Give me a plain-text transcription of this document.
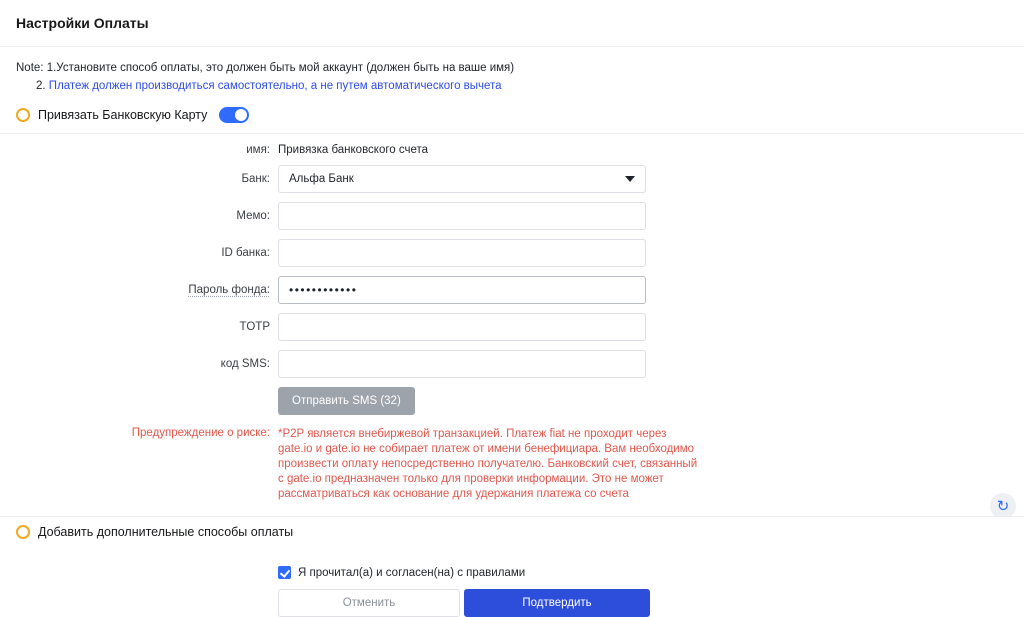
Настройки Оплаты
Note: 1.Установите способ оплаты, это должен быть мой аккаунт (должен быть на ваше имя)
2. Платеж должен производиться самостоятельно, а не путем автоматического вычета
Привязать Банковскую Карту
имя: Привязка банковского счета
Банк:	Альфа Банк
Мемо:
ID банка:
Пароль фонда:	••••••••••••
TOTP
код SMS:
Отправить SMS (32)
Предупреждение о риске: *P2P является внебиржевой транзакцией. Платеж fiat не проходит через gate.io и gate.io не собирает платеж от имени бенефициара. Вам необходимо произвести оплату непосредственно получателю. Банковский счет, связанный с gate.io предназначен только для проверки информации. Это не может рассматриваться как основание для удержания платежа со счета

Я прочитал(а) и согласен(на) с правилами
Отменить	Подтвердить
↻
Добавить дополнительные способы оплаты
